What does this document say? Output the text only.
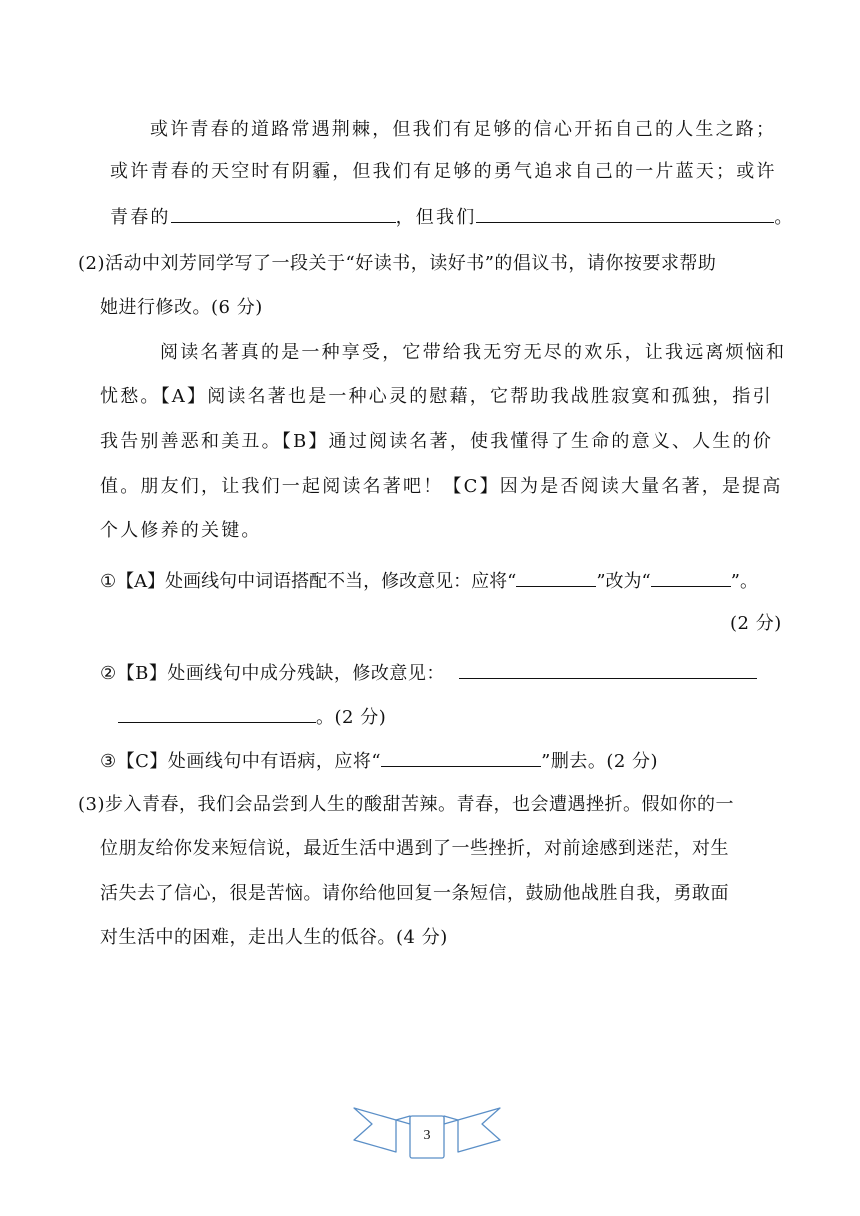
或许青春的道路常遇荆棘，但我们有足够的信心开拓自己的人生之路；
或许青春的天空时有阴霾，但我们有足够的勇气追求自己的一片蓝天；或许
青春的	，但我们	。
(2)活动中刘芳同学写了一段关于“好读书，读好书”的倡议书，请你按要求帮助
她进行修改。(6 分)
阅读名著真的是一种享受，它带给我无穷无尽的欢乐，让我远离烦恼和
忧愁。【A】阅读名著也是一种心灵的慰藉，它帮助我战胜寂寞和孤独，指引
我告别善恶和美丑。【B】通过阅读名著，使我懂得了生命的意义、人生的价
值。朋友们，让我们一起阅读名著吧！【C】因为是否阅读大量名著，是提高
个人修养的关键。
①【A】处画线句中词语搭配不当，修改意见：应将“	”改为“	”。
(2 分)
②【B】处画线句中成分残缺，修改意见：
。(2 分)
③【C】处画线句中有语病，应将“	”删去。(2 分)
(3)步入青春，我们会品尝到人生的酸甜苦辣。青春，也会遭遇挫折。假如你的一
位朋友给你发来短信说，最近生活中遇到了一些挫折，对前途感到迷茫，对生
活失去了信心，很是苦恼。请你给他回复一条短信，鼓励他战胜自我，勇敢面
对生活中的困难，走出人生的低谷。(4 分)
3
